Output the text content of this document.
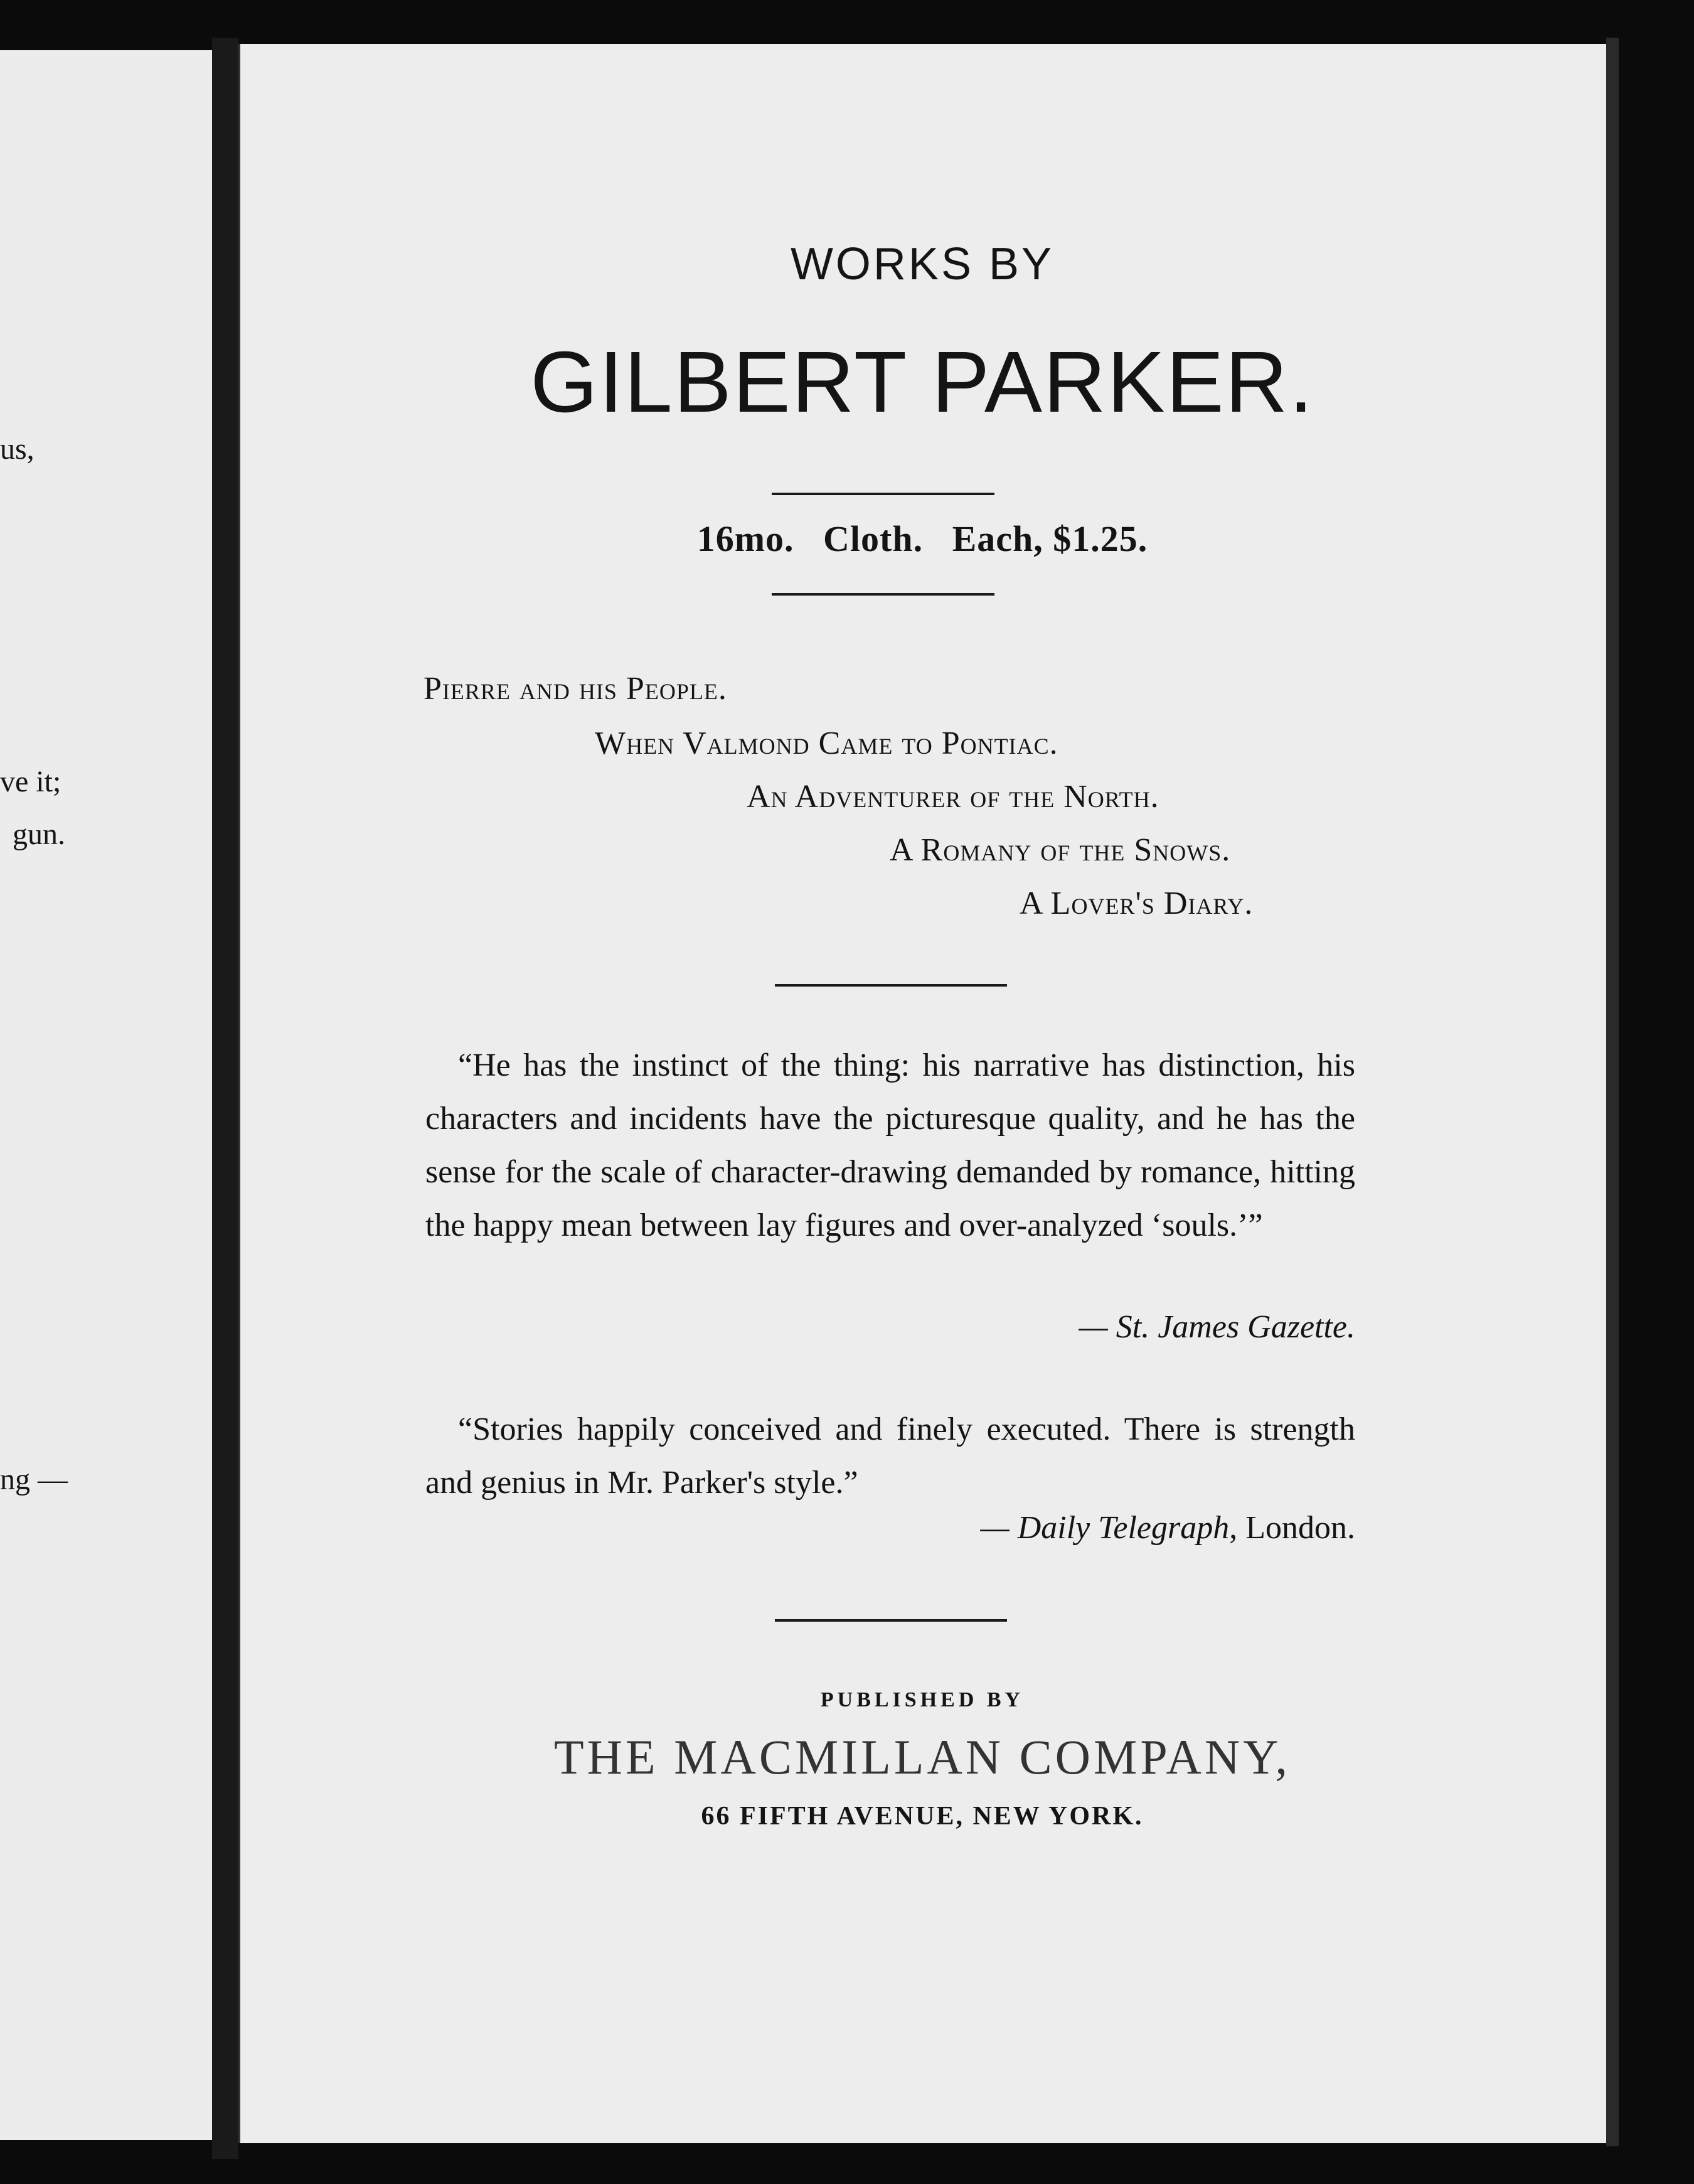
us,
ve it;
gun.
ng —
WORKS BY
GILBERT PARKER.
16mo.   Cloth.   Each, $1.25.
Pierre and his People.
When Valmond Came to Pontiac.
An Adventurer of the North.
A Romany of the Snows.
A Lover's Diary.
“He has the instinct of the thing: his narrative has distinction, his characters and incidents have the picturesque quality, and he has the sense for the scale of character-drawing demanded by romance, hitting the happy mean between lay figures and over-analyzed ‘souls.’”
— St. James Gazette.
“Stories happily conceived and finely executed. There is strength and genius in Mr. Parker's style.”
— Daily Telegraph, London.
PUBLISHED BY
THE MACMILLAN COMPANY,
66 FIFTH AVENUE, NEW YORK.
